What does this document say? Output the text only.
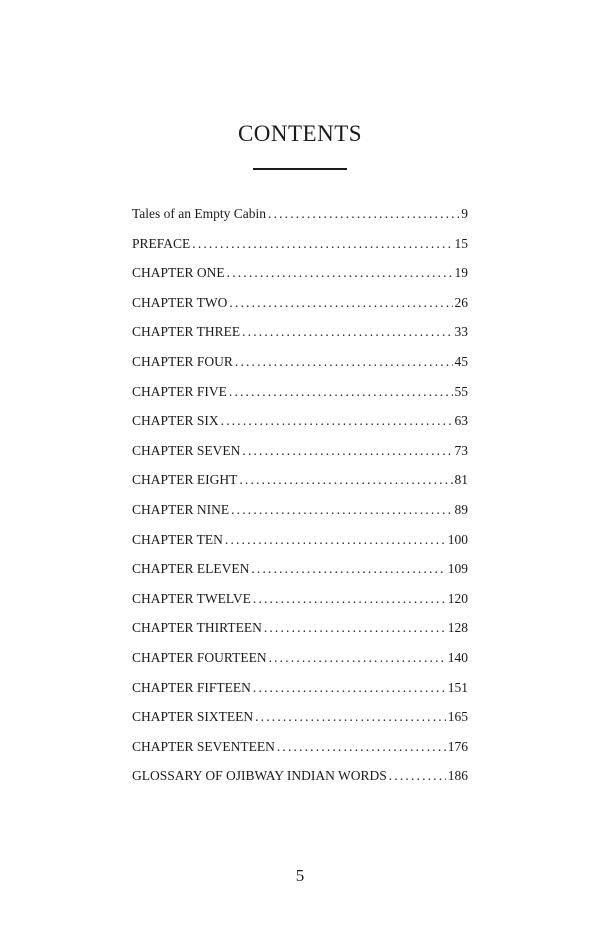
CONTENTS
Tales of an Empty Cabin . . .	9
PREFACE . . .	15
CHAPTER ONE . . .	19
CHAPTER TWO . . .	26
CHAPTER THREE . . .	33
CHAPTER FOUR . . .	45
CHAPTER FIVE . . .	55
CHAPTER SIX . . .	63
CHAPTER SEVEN . . .	73
CHAPTER EIGHT . . .	81
CHAPTER NINE . . .	89
CHAPTER TEN . . .	100
CHAPTER ELEVEN . . .	109
CHAPTER TWELVE . . .	120
CHAPTER THIRTEEN . . .	128
CHAPTER FOURTEEN . . .	140
CHAPTER FIFTEEN . . .	151
CHAPTER SIXTEEN . . .	165
CHAPTER SEVENTEEN . . .	176
GLOSSARY OF OJIBWAY INDIAN WORDS . . .	186
5
